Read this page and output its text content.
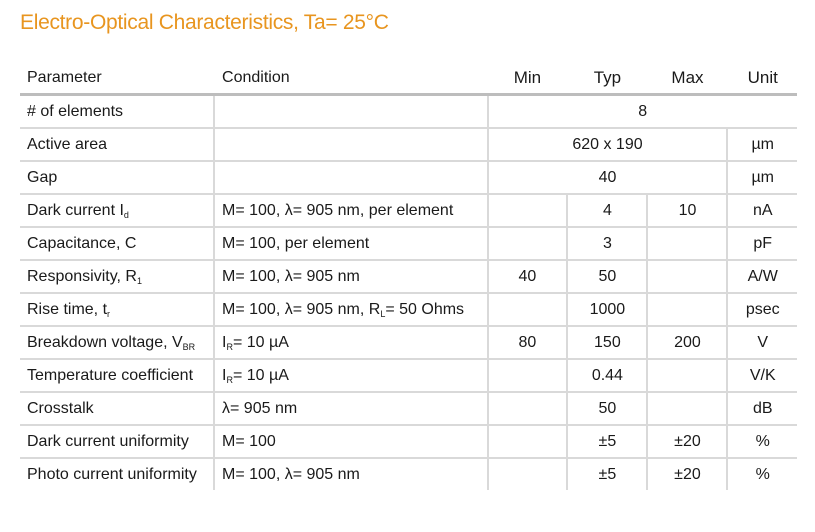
Electro-Optical Characteristics, Ta= 25°C
Parameter	Condition	Min	Typ	Max	Unit
# of elements		8			
Active area		620 x 190			µm
Gap		40			µm
Dark current $I_d$	M= 100, λ= 905 nm, per element		4	10	nA
Capacitance, C	M= 100, per element		3		pF
Responsivity, $R_1$	M= 100, λ= 905 nm	40	50		A/W
Rise time, $t_r$	M= 100, λ= 905 nm, $R_L= 50$ Ohms		1000		psec
Breakdown voltage, $V_{BR}$	$I_R= 10$ µA	80	150	200	V
Temperature coefficient	$I_R= 10$ µA		0.44		V/K
Crosstalk	λ= 905 nm		50		dB
Dark current uniformity	M= 100		±5	±20	%
Photo current uniformity	M= 100, λ= 905 nm		±5	±20	%
